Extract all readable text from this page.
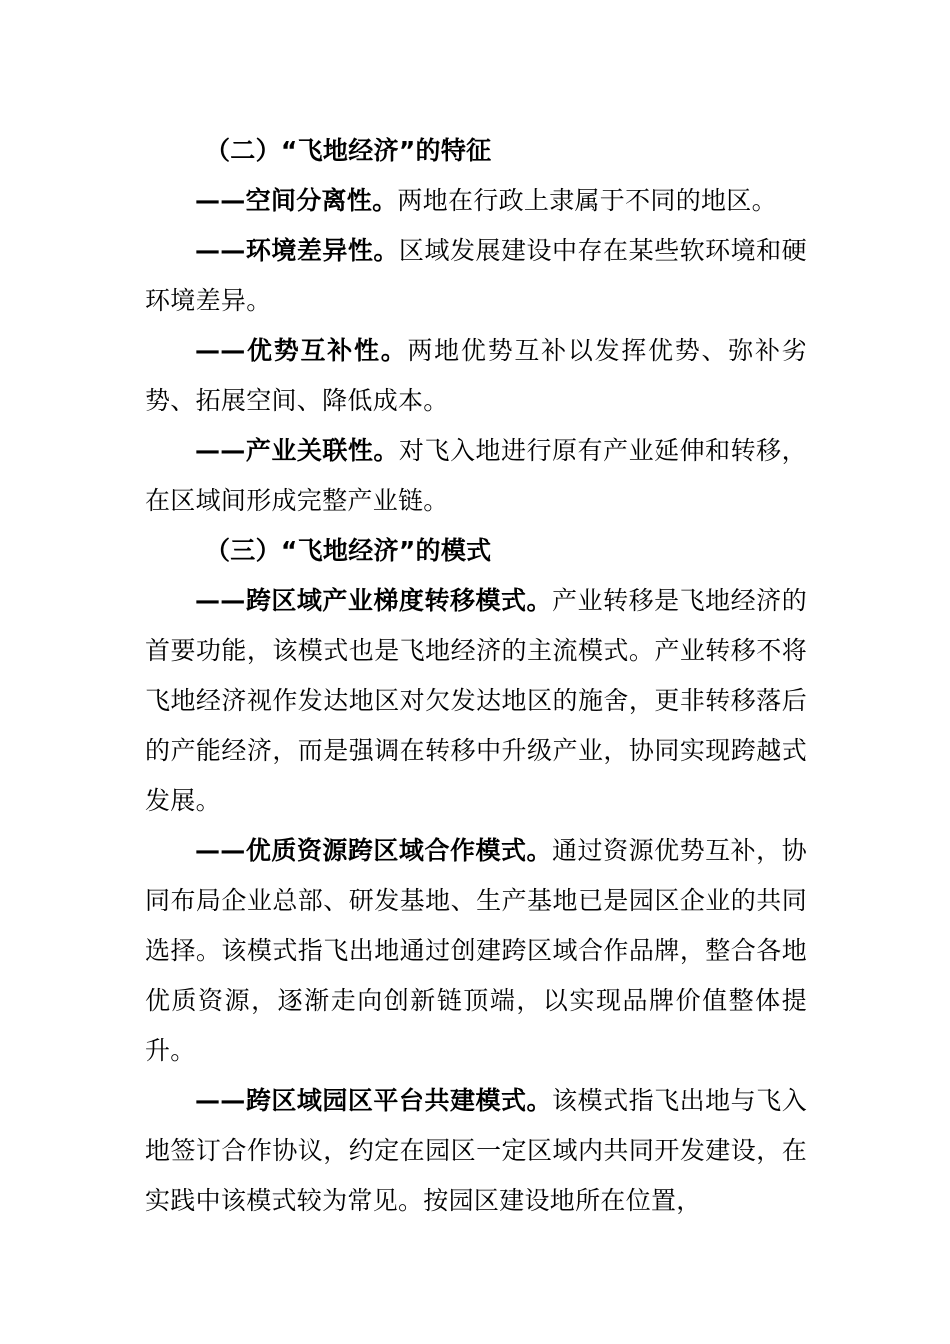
（二）“飞地经济”的特征

——空间分离性。两地在行政上隶属于不同的地区。

——环境差异性。区域发展建设中存在某些软环境和硬环境差异。

——优势互补性。两地优势互补以发挥优势、弥补劣势、拓展空间、降低成本。

——产业关联性。对飞入地进行原有产业延伸和转移，在区域间形成完整产业链。

（三）“飞地经济”的模式

——跨区域产业梯度转移模式。产业转移是飞地经济的首要功能，该模式也是飞地经济的主流模式。产业转移不将飞地经济视作发达地区对欠发达地区的施舍，更非转移落后的产能经济，而是强调在转移中升级产业，协同实现跨越式发展。

——优质资源跨区域合作模式。通过资源优势互补，协同布局企业总部、研发基地、生产基地已是园区企业的共同选择。该模式指飞出地通过创建跨区域合作品牌，整合各地优质资源，逐渐走向创新链顶端，以实现品牌价值整体提升。

——跨区域园区平台共建模式。该模式指飞出地与飞入地签订合作协议，约定在园区一定区域内共同开发建设，在实践中该模式较为常见。按园区建设地所在位置，
